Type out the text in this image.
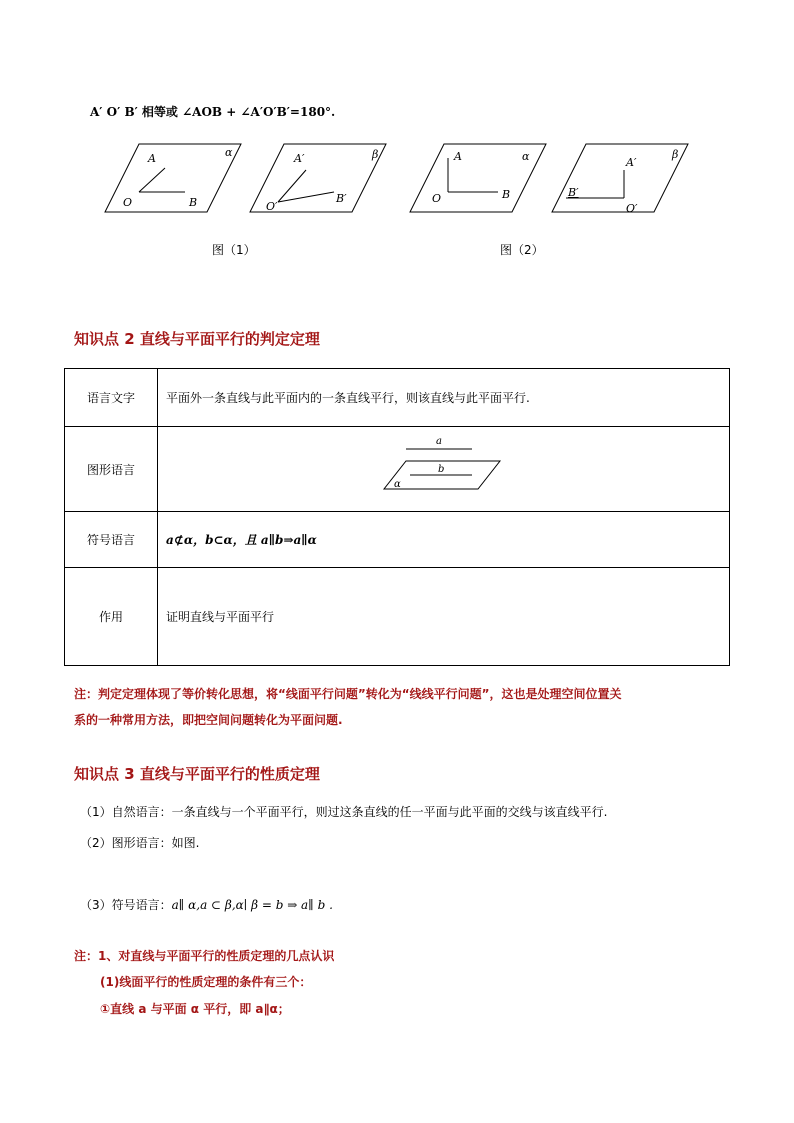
A′ O′ B′ 相等或 ∠AOB + ∠A′O′B′=180°.
α
A
O	B
β
A′
O′
B′
α
A
O	B
β
A′
O′
B′
图（1）	图（2）
知识点 2 直线与平面平行的判定定理
语言文字	平面外一条直线与此平面内的一条直线平行，则该直线与此平面平行.
图形语言	a
b
α

符号语言	a⊄α，b⊂α，且 a∥b⇒a∥α
作用	证明直线与平面平行
注：判定定理体现了等价转化思想，将“线面平行问题”转化为“线线平行问题”，这也是处理空间位置关
系的一种常用方法，即把空间问题转化为平面问题.
知识点 3 直线与平面平行的性质定理
（1）自然语言：一条直线与一个平面平行，则过这条直线的任一平面与此平面的交线与该直线平行.
（2）图形语言：如图.
（3）符号语言：a∥ α,a ⊂ β,α∣ β = b ⇒ a∥ b .
注：1、对直线与平面平行的性质定理的几点认识
(1)线面平行的性质定理的条件有三个：
①直线 a 与平面 α 平行，即 a∥α；
